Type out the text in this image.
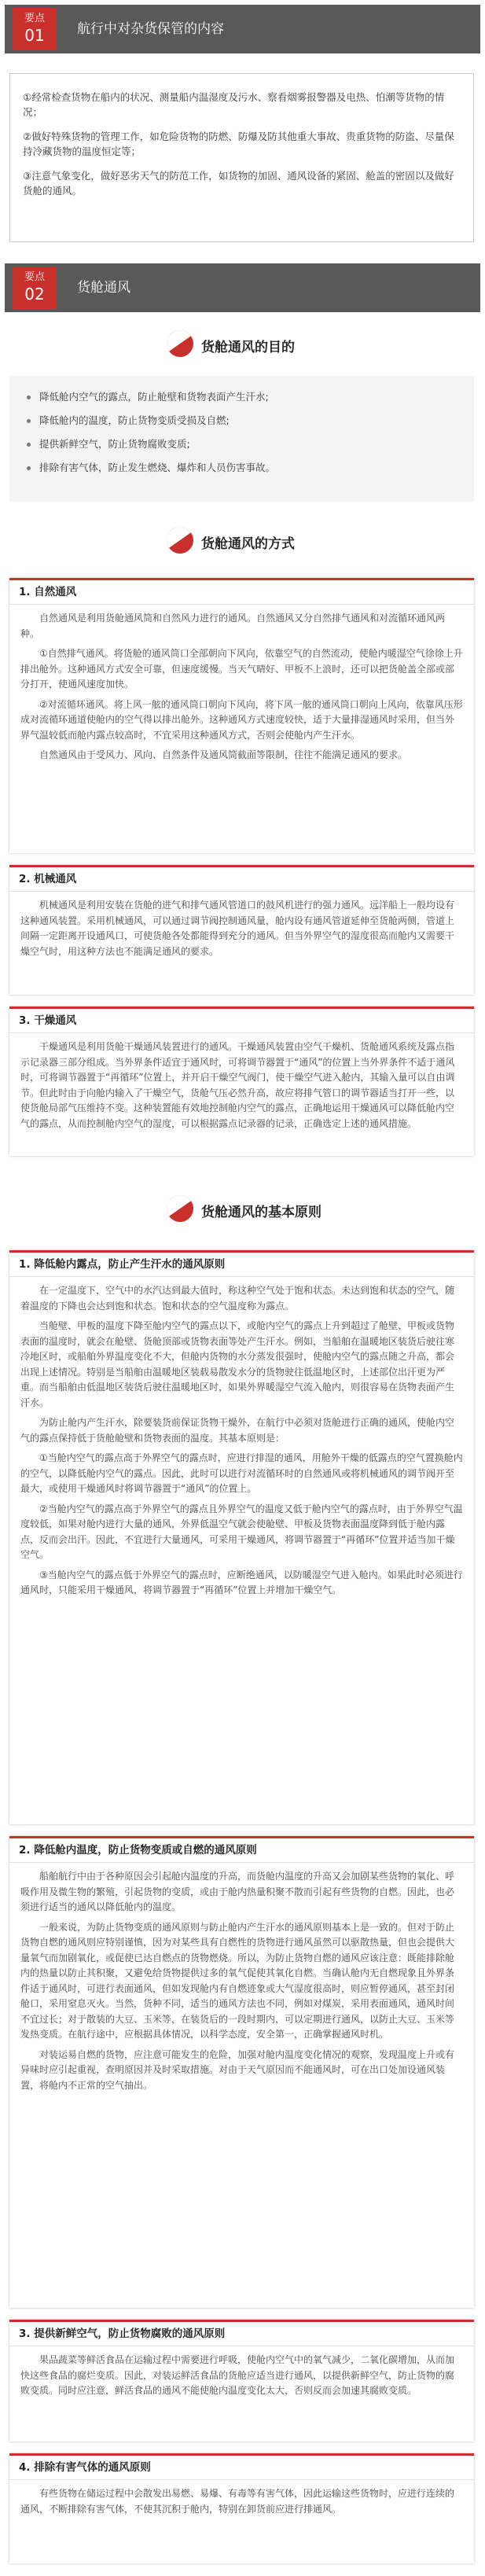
要点
01	航行中对杂货保管的内容

①经常检查货物在船内的状况、测量船内温湿度及污水、察看烟雾报警器及电热、怕潮等货物的情况；

②做好特殊货物的管理工作，如危险货物的防燃、防爆及防其他重大事故、贵重货物的防盗、尽量保持冷藏货物的温度恒定等；

③注意气象变化，做好恶劣天气的防范工作，如货物的加固、通风设备的紧固、舱盖的密固以及做好货舱的通风。

要点
02	货舱通风
货舱通风的目的
降低舱内空气的露点，防止舱壁和货物表面产生汗水;
降低舱内的温度，防止货物变质受损及自燃;
提供新鲜空气，防止货物腐败变质;
排除有害气体，防止发生燃烧、爆炸和人员伤害事故。
货舱通风的方式
1. 自然通风

自然通风是利用货舱通风筒和自然风力进行的通风。自然通风又分自然排气通风和对流循环通风两种。

①自然排气通风。将货舱的通风筒口全部朝向下风向，依靠空气的自然流动，使舱内暖湿空气徐徐上升排出舱外。这种通风方式安全可靠，但速度缓慢。当天气晴好、甲板不上浪时，还可以把货舱盖全部或部分打开，使通风速度加快。

②对流循环通风。将上风一舷的通风筒口朝向下风向，将下风一舷的通风筒口朝向上风向，依靠风压形成对流循环通道使舱内的空气得以排出舱外。这种通风方式速度较快，适于大量排湿通风时采用，但当外界气温较低而舱内露点较高时，不宜采用这种通风方式，否则会使舱内产生汗水。

自然通风由于受风力、风向、自然条件及通风筒截面等限制，往往不能满足通风的要求。

2. 机械通风

机械通风是利用安装在货舱的进气和排气通风管道口的鼓风机进行的强力通风。远洋船上一般均设有这种通风装置。采用机械通风，可以通过调节阀控制通风量，舱内设有通风管道延伸至货舱两侧，管道上间隔一定距离开设通风口，可使货舱各处都能得到充分的通风。但当外界空气的湿度很高而舱内又需要干燥空气时，用这种方法也不能满足通风的要求。

3. 干燥通风

干燥通风是利用货舱干燥通风装置进行的通风。干燥通风装置由空气干燥机、货舱通风系统及露点指示记录器三部分组成。当外界条件适宜于通风时，可将调节器置于“通风”的位置上当外界条件不适于通风时，可将调节器置于“再循环”位置上，并开启干燥空气阀门，使干燥空气进入舱内，其输入量可以自由调节。但此时由于向舱内输入了干燥空气，货舱气压必然升高，故应将排气管口的调节器适当打开一些，以使货舱局部气压维持不变。这种装置能有效地控制舱内空气的露点，正确地运用干燥通风可以降低舱内空气的露点，从而控制舱内空气的湿度，可以根据露点记录器的记录，正确选定上述的通风措施。

货舱通风的基本原则
1. 降低舱内露点，防止产生汗水的通风原则

在一定温度下，空气中的水汽达到最大值时，称这种空气处于饱和状态。未达到饱和状态的空气，随着温度的下降也会达到饱和状态。饱和状态的空气温度称为露点。

当舱壁、甲板的温度下降至舱内空气的露点以下，或舱内空气的露点上升到超过了舱壁、甲板或货物表面的温度时，就会在舱壁、货舱顶部或货物表面等处产生汗水。例如，当船舶在温暖地区装货后驶往寒冷地区时，或船舶外界温度变化不大，但舱内货物的水分蒸发很强时，使舱内空气的露点随之升高，都会出现上述情况。特别是当船舶由温暖地区装载易散发水分的货物驶往低温地区时，上述部位出汗更为严重。而当船舶由低温地区装货后驶往温暖地区时，如果外界暖湿空气流入舱内，则很容易在货物表面产生汗水。

为防止舱内产生汗水，除要装货前保证货物干燥外，在航行中必须对货舱进行正确的通风，使舱内空气的露点保持低于货舱舱壁和货物表面的温度。其基本原则是：

①当舱内空气的露点高于外界空气的露点时，应进行排湿的通风，用舱外干燥的低露点的空气置换舱内的空气，以降低舱内空气的露点。因此，此时可以进行对流循环时的自然通风或将机械通风的调节阀开至最大，或使用干燥通风时将调节器置于“通风”的位置上。

②当舱内空气的露点高于外界空气的露点且外界空气的温度又低于舱内空气的露点时，由于外界空气温度较低，如果对舱内进行大量的通风，外界低温空气就会使舱壁、甲板及货物表面温度降到低于舱内露点，反而会出汗。因此，不宜进行大量通风，可采用干燥通风，将调节器置于“再循环”位置并适当加干燥空气。

③当舱内空气的露点低于外界空气的露点时，应断绝通风，以防暖湿空气进入舱内。如果此时必须进行通风时，只能采用干燥通风，将调节器置于“再循环”位置上并增加干燥空气。

2. 降低舱内温度，防止货物变质或自燃的通风原则

船舶航行中由于各种原因会引起舱内温度的升高，而货舱内温度的升高又会加剧某些货物的氧化、呼吸作用及微生物的繁殖，引起货物的变质，或由于舱内热量积聚不散而引起有些货物的自燃。因此，也必须进行适当的通风以降低舱内的温度。

一般来说，为防止货物变质的通风原则与防止舱内产生汗水的通风原则基本上是一致的。但对于防止货物自燃的通风则应特别谨慎，因为对某些具有自燃性的货物进行通风虽然可以驱散热量，但也会提供大量氧气而加剧氧化，或促使已达自燃点的货物燃烧。所以，为防止货物自燃的通风应该注意：既能排除舱内的热量以防止其积聚，又避免给货物提供过多的氧气促使其氧化自燃。当确认舱内无自燃现象且外界条件适于通风时，可进行表面通风，但如发现舱内有自燃迹象或大气湿度很高时，则应暂停通风，甚至封闭舱口，采用窒息灭火。当然，货种不同，适当的通风方法也不同，例如对煤炭，采用表面通风，通风时间不宜过长；对于散装的大豆、玉米等，在装货后的一段时期内，可以定期进行通风，以防止大豆、玉米等发热变质。在航行途中，应根据具体情况，以科学态度，安全第一，正确掌握通风时机。

对装运易自燃的货物，应注意可能发生的危险，加强对舱内温度变化情况的观察，发现温度上升或有异味时应引起重视，查明原因并及时采取措施。对由于天气原因而不能通风时，可在出口处加设通风装置，将舱内不正常的空气抽出。

3. 提供新鲜空气，防止货物腐败的通风原则

果品蔬菜等鲜活食品在运输过程中需要进行呼吸，使舱内空气中的氧气减少，二氧化碳增加，从而加快这些食品的腐烂变质。因此，对装运鲜活食品的货舱应适当进行通风，以提供新鲜空气，防止货物的腐败变质。同时应注意，鲜活食品的通风不能使舱内温度变化太大，否则反而会加速其腐败变质。

4. 排除有害气体的通风原则

有些货物在储运过程中会散发出易燃、易爆、有毒等有害气体，因此运输这些货物时，应进行连续的通风，不断排除有害气体，不使其沉积于舱内，特别在卸货前应进行排通风。
